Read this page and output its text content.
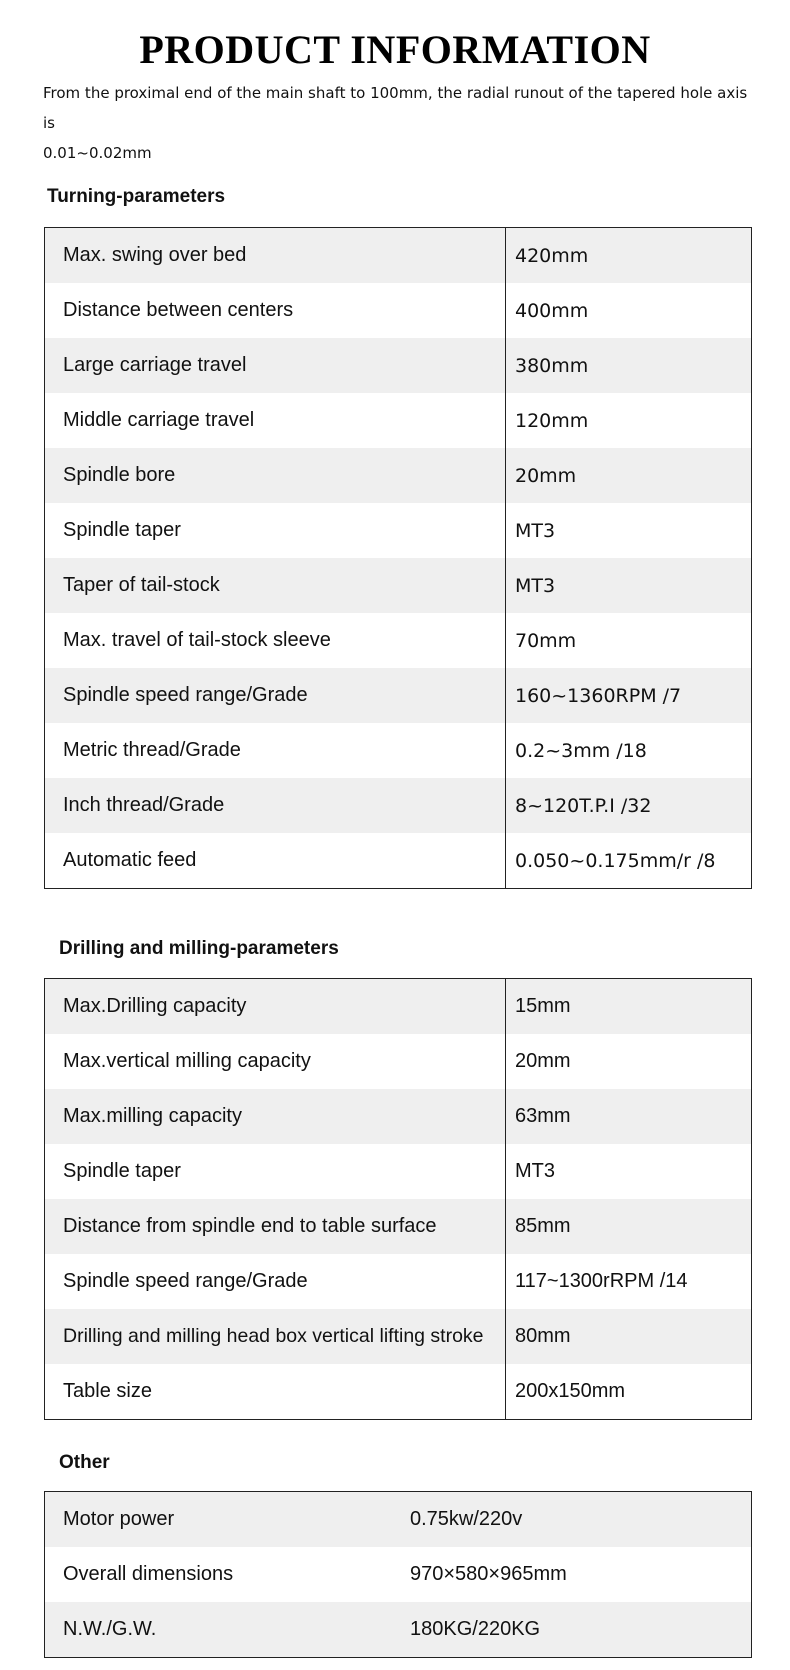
PRODUCT INFORMATION
From the proximal end of the main shaft to 100mm, the radial runout of the tapered hole axis is
0.01~0.02mm
Turning-parameters
Max. swing over bed	420mm
Distance between centers	400mm
Large carriage travel	380mm
Middle carriage travel	120mm
Spindle bore	20mm
Spindle taper	MT3
Taper of tail-stock	MT3
Max. travel of tail-stock sleeve	70mm
Spindle speed range/Grade	160~1360RPM /7
Metric thread/Grade	0.2~3mm /18
Inch thread/Grade	8~120T.P.I /32
Automatic feed	0.050~0.175mm/r /8
Drilling and milling-parameters
Max.Drilling capacity	15mm
Max.vertical milling capacity	20mm
Max.milling capacity	63mm
Spindle taper	MT3
Distance from spindle end to table surface	85mm
Spindle speed range/Grade	117~1300rRPM /14
Drilling and milling head box vertical lifting stroke	80mm
Table size	200x150mm
Other
Motor power	0.75kw/220v
Overall dimensions	970×580×965mm
N.W./G.W.	180KG/220KG
